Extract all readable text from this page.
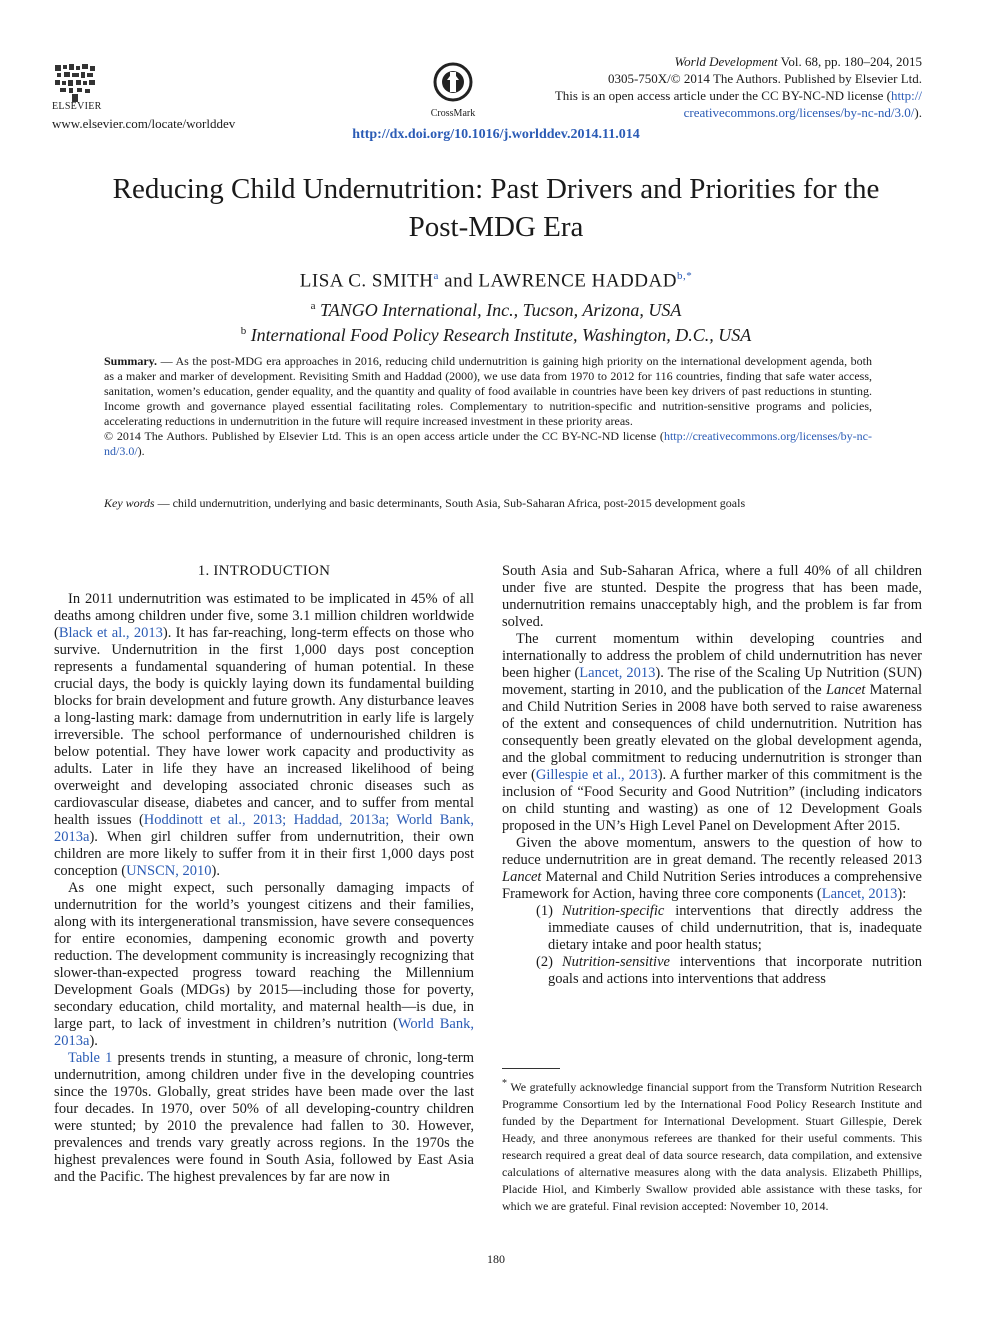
ELSEVIER
www.elsevier.com/locate/worlddev
CrossMark
World Development Vol. 68, pp. 180–204, 2015
0305-750X/© 2014 The Authors. Published by Elsevier Ltd.
This is an open access article under the CC BY-NC-ND license (http://
creativecommons.org/licenses/by-nc-nd/3.0/).
http://dx.doi.org/10.1016/j.worlddev.2014.11.014
Reducing Child Undernutrition: Past Drivers and Priorities for the
Post-MDG Era
LISA C. SMITH$^a$ and LAWRENCE $HADDAD^{b,*}$
$^a$ TANGO International, Inc., Tucson, Arizona, USA
$^b$ International Food Policy Research Institute, Washington, D.C., USA
Summary. — As the post-MDG era approaches in 2016, reducing child undernutrition is gaining high priority on the international development agenda, both as a maker and marker of development. Revisiting Smith and Haddad (2000), we use data from 1970 to 2012 for 116 countries, finding that safe water access, sanitation, women’s education, gender equality, and the quantity and quality of food available in countries have been key drivers of past reductions in stunting. Income growth and governance played essential facilitating roles. Complementary to nutrition-specific and nutrition-sensitive programs and policies, accelerating reductions in undernutrition in the future will require increased investment in these priority areas.
© 2014 The Authors. Published by Elsevier Ltd. This is an open access article under the CC BY-NC-ND license (http://creativecommons.org/licenses/by-nc-nd/3.0/).
Key words — child undernutrition, underlying and basic determinants, South Asia, Sub-Saharan Africa, post-2015 development goals
1. INTRODUCTION

In 2011 undernutrition was estimated to be implicated in 45% of all deaths among children under five, some 3.1 million children worldwide (Black et al., 2013). It has far-reaching, long-term effects on those who survive. Undernutrition in the first 1,000 days post conception represents a fundamental squandering of human potential. In these crucial days, the body is quickly laying down its fundamental building blocks for brain development and future growth. Any disturbance leaves a long-lasting mark: damage from undernutrition in early life is largely irreversible. The school performance of undernourished children is below potential. They have lower work capacity and productivity as adults. Later in life they have an increased likelihood of being overweight and developing associated chronic diseases such as cardiovascular disease, diabetes and cancer, and to suffer from mental health issues (Hoddinott et al., 2013; Haddad, 2013a; World Bank, 2013a). When girl children suffer from undernutrition, their own children are more likely to suffer from it in their first 1,000 days post conception (UNSCN, 2010).

As one might expect, such personally damaging impacts of undernutrition for the world’s youngest citizens and their families, along with its intergenerational transmission, have severe consequences for entire economies, dampening economic growth and poverty reduction. The development community is increasingly recognizing that slower-than-expected progress toward reaching the Millennium Development Goals (MDGs) by 2015—including those for poverty, secondary education, child mortality, and maternal health—is due, in large part, to lack of investment in children’s nutrition (World Bank, 2013a).

Table 1 presents trends in stunting, a measure of chronic, long-term undernutrition, among children under five in the developing countries since the 1970s. Globally, great strides have been made over the last four decades. In 1970, over 50% of all developing-country children were stunted; by 2010 the prevalence had fallen to 30. However, prevalences and trends vary greatly across regions. In the 1970s the highest prevalences were found in South Asia, followed by East Asia and the Pacific. The highest prevalences by far are now in

South Asia and Sub-Saharan Africa, where a full 40% of all children under five are stunted. Despite the progress that has been made, undernutrition remains unacceptably high, and the problem is far from solved.

The current momentum within developing countries and internationally to address the problem of child undernutrition has never been higher (Lancet, 2013). The rise of the Scaling Up Nutrition (SUN) movement, starting in 2010, and the publication of the Lancet Maternal and Child Nutrition Series in 2008 have both served to raise awareness of the extent and consequences of child undernutrition. Nutrition has consequently been greatly elevated on the global development agenda, and the global commitment to reducing undernutrition is stronger than ever (Gillespie et al., 2013). A further marker of this commitment is the inclusion of “Food Security and Good Nutrition” (including indicators on child stunting and wasting) as one of 12 Development Goals proposed in the UN’s High Level Panel on Development After 2015.

Given the above momentum, answers to the question of how to reduce undernutrition are in great demand. The recently released 2013 Lancet Maternal and Child Nutrition Series introduces a comprehensive Framework for Action, having three core components (Lancet, 2013):

(1) Nutrition-specific interventions that directly address the immediate causes of child undernutrition, that is, inadequate dietary intake and poor health status;

(2) Nutrition-sensitive interventions that incorporate nutrition goals and actions into interventions that address

* We gratefully acknowledge financial support from the Transform Nutrition Research Programme Consortium led by the International Food Policy Research Institute and funded by the Department for International Development. Stuart Gillespie, Derek Heady, and three anonymous referees are thanked for their useful comments. This research required a great deal of data source research, data compilation, and extensive calculations of alternative measures along with the data analysis. Elizabeth Phillips, Placide Hiol, and Kimberly Swallow provided able assistance with these tasks, for which we are grateful. Final revision accepted: November 10, 2014.
180
